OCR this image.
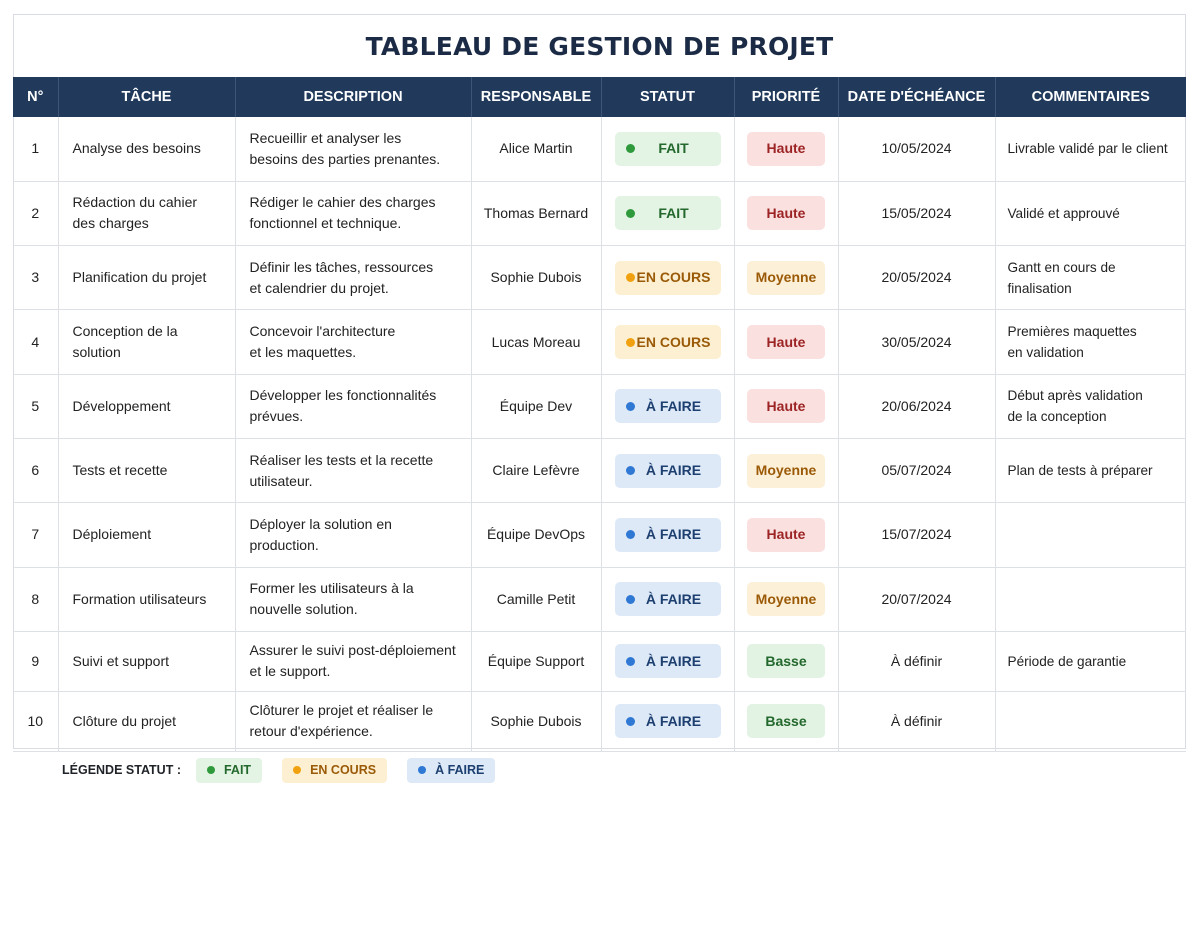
TABLEAU DE GESTION DE PROJET
N°	TÂCHE	DESCRIPTION	RESPONSABLE	STATUT	PRIORITÉ	DATE D'ÉCHÉANCE	COMMENTAIRES
1	Analyse des besoins	Recueillir et analyser les
besoins des parties prenantes.	Alice Martin	FAIT	Haute	10/05/2024	Livrable validé par le client
2	Rédaction du cahier
des charges	Rédiger le cahier des charges
fonctionnel et technique.	Thomas Bernard	FAIT	Haute	15/05/2024	Validé et approuvé
3	Planification du projet	Définir les tâches, ressources
et calendrier du projet.	Sophie Dubois	EN COURS	Moyenne	20/05/2024	Gantt en cours de finalisation
4	Conception de la solution	Concevoir l'architecture
et les maquettes.	Lucas Moreau	EN COURS	Haute	30/05/2024	Premières maquettes
en validation
5	Développement	Développer les fonctionnalités
prévues.	Équipe Dev	À FAIRE	Haute	20/06/2024	Début après validation
de la conception
6	Tests et recette	Réaliser les tests et la recette
utilisateur.	Claire Lefèvre	À FAIRE	Moyenne	05/07/2024	Plan de tests à préparer
7	Déploiement	Déployer la solution en
production.	Équipe DevOps	À FAIRE	Haute	15/07/2024	
8	Formation utilisateurs	Former les utilisateurs à la
nouvelle solution.	Camille Petit	À FAIRE	Moyenne	20/07/2024	
9	Suivi et support	Assurer le suivi post-déploiement
et le support.	Équipe Support	À FAIRE	Basse	À définir	Période de garantie
10	Clôture du projet	Clôturer le projet et réaliser le
retour d'expérience.	Sophie Dubois	À FAIRE	Basse	À définir	
LÉGENDE STATUT :	FAIT	EN COURS	À FAIRE
